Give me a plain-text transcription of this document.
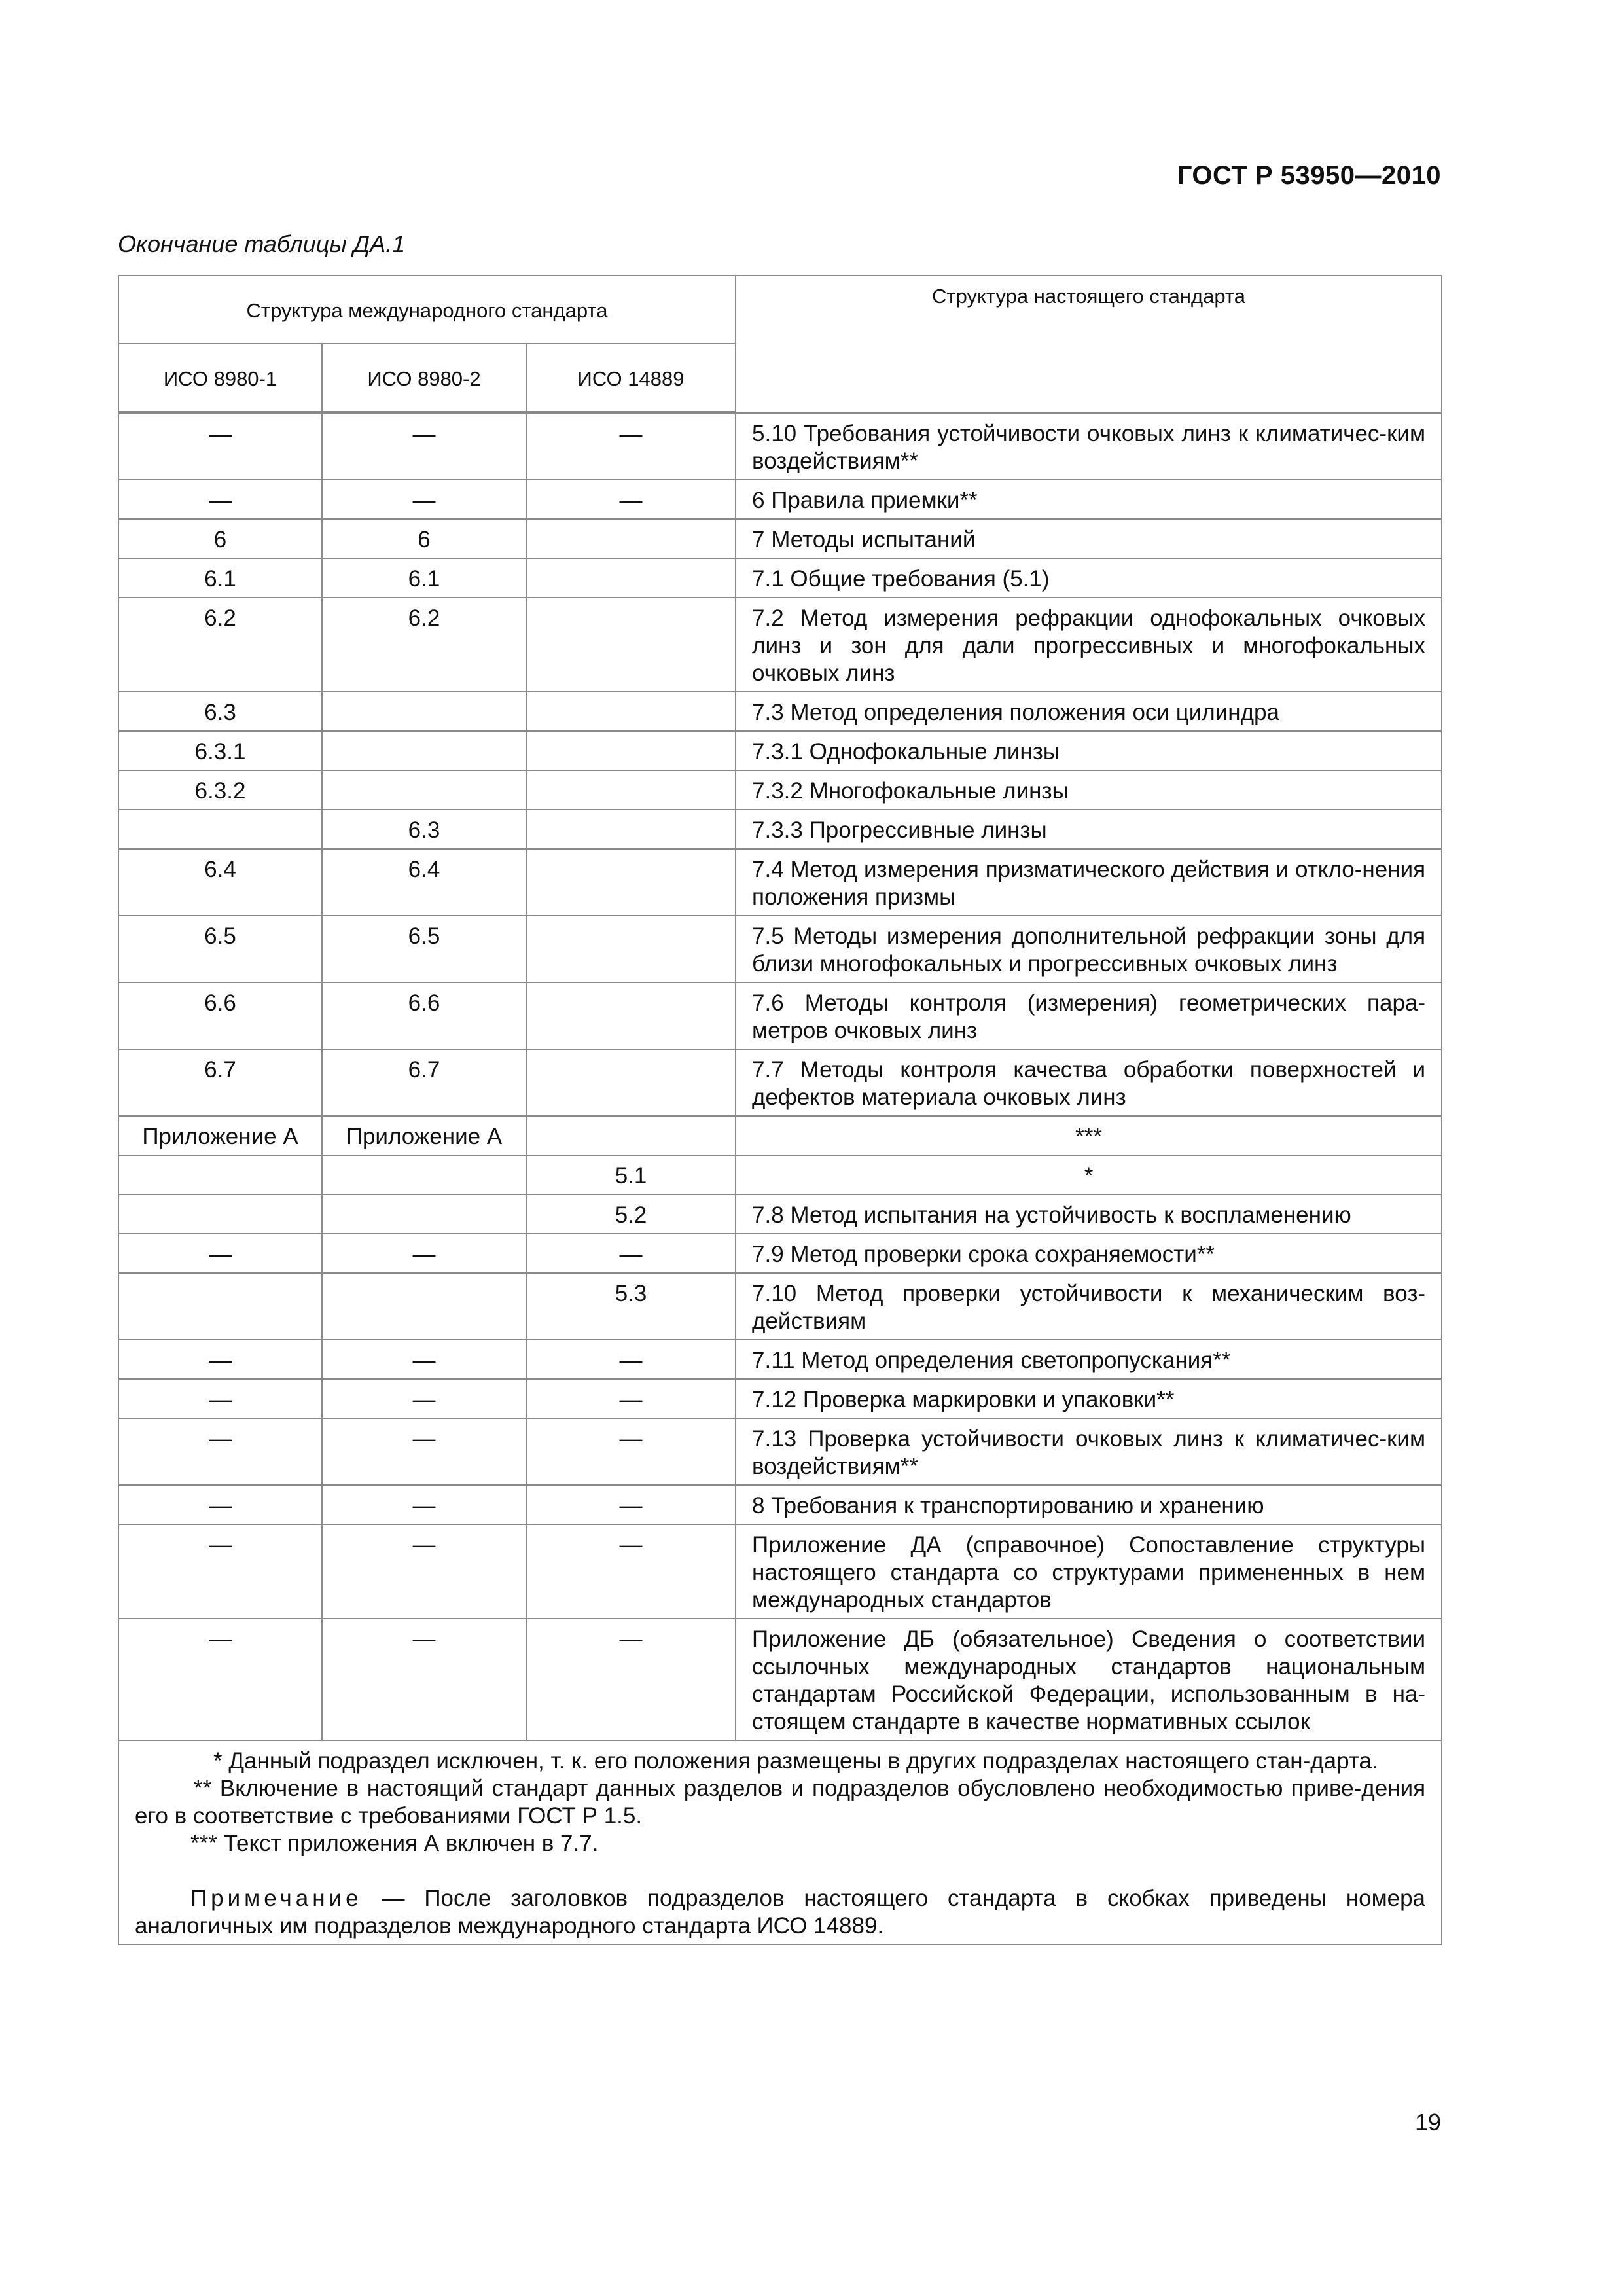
ГОСТ Р 53950—2010
Окончание таблицы ДА.1
Структура международного стандарта			Структура настоящего стандарта
ИСО 8980-1	ИСО 8980-2	ИСО 14889	
—	—	—	5.10 Требования устойчивости очковых линз к климатичес-ким воздействиям**
—	—	—	6 Правила приемки**
6	6		7 Методы испытаний
6.1	6.1		7.1 Общие требования (5.1)
6.2	6.2		7.2 Метод измерения рефракции однофокальных очковых линз и зон для дали прогрессивных и многофокальных очковых линз
6.3			7.3 Метод определения положения оси цилиндра
6.3.1			7.3.1 Однофокальные линзы
6.3.2			7.3.2 Многофокальные линзы
	6.3		7.3.3 Прогрессивные линзы
6.4	6.4		7.4 Метод измерения призматического действия и откло-нения положения призмы
6.5	6.5		7.5 Методы измерения дополнительной рефракции зоны для близи многофокальных и прогрессивных очковых линз
6.6	6.6		7.6 Методы контроля (измерения) геометрических пара-метров очковых линз
6.7	6.7		7.7 Методы контроля качества обработки поверхностей и дефектов материала очковых линз
Приложение А	Приложение А		***
		5.1	*
		5.2	7.8 Метод испытания на устойчивость к воспламенению
—	—	—	7.9 Метод проверки срока сохраняемости**
		5.3	7.10 Метод проверки устойчивости к механическим воз-действиям
—	—	—	7.11 Метод определения светопропускания**
—	—	—	7.12 Проверка маркировки и упаковки**
—	—	—	7.13 Проверка устойчивости очковых линз к климатичес-ким воздействиям**
—	—	—	8 Требования к транспортированию и хранению
—	—	—	Приложение ДА (справочное) Сопоставление структуры настоящего стандарта со структурами примененных в нем международных стандартов
—	—	—	Приложение ДБ (обязательное) Сведения о соответствии ссылочных международных стандартов национальным стандартам Российской Федерации, использованным в на-стоящем стандарте в качестве нормативных ссылок

* Данный подраздел исключен, т. к. его положения размещены в других подразделах настоящего стан-дарта.

** Включение в настоящий стандарт данных разделов и подразделов обусловлено необходимостью приве-дения его в соответствие с требованиями ГОСТ Р 1.5.

*** Текст приложения А включен в 7.7.

Примечание — После заголовков подразделов настоящего стандарта в скобках приведены номера аналогичных им подразделов международного стандарта ИСО 14889.			

19
